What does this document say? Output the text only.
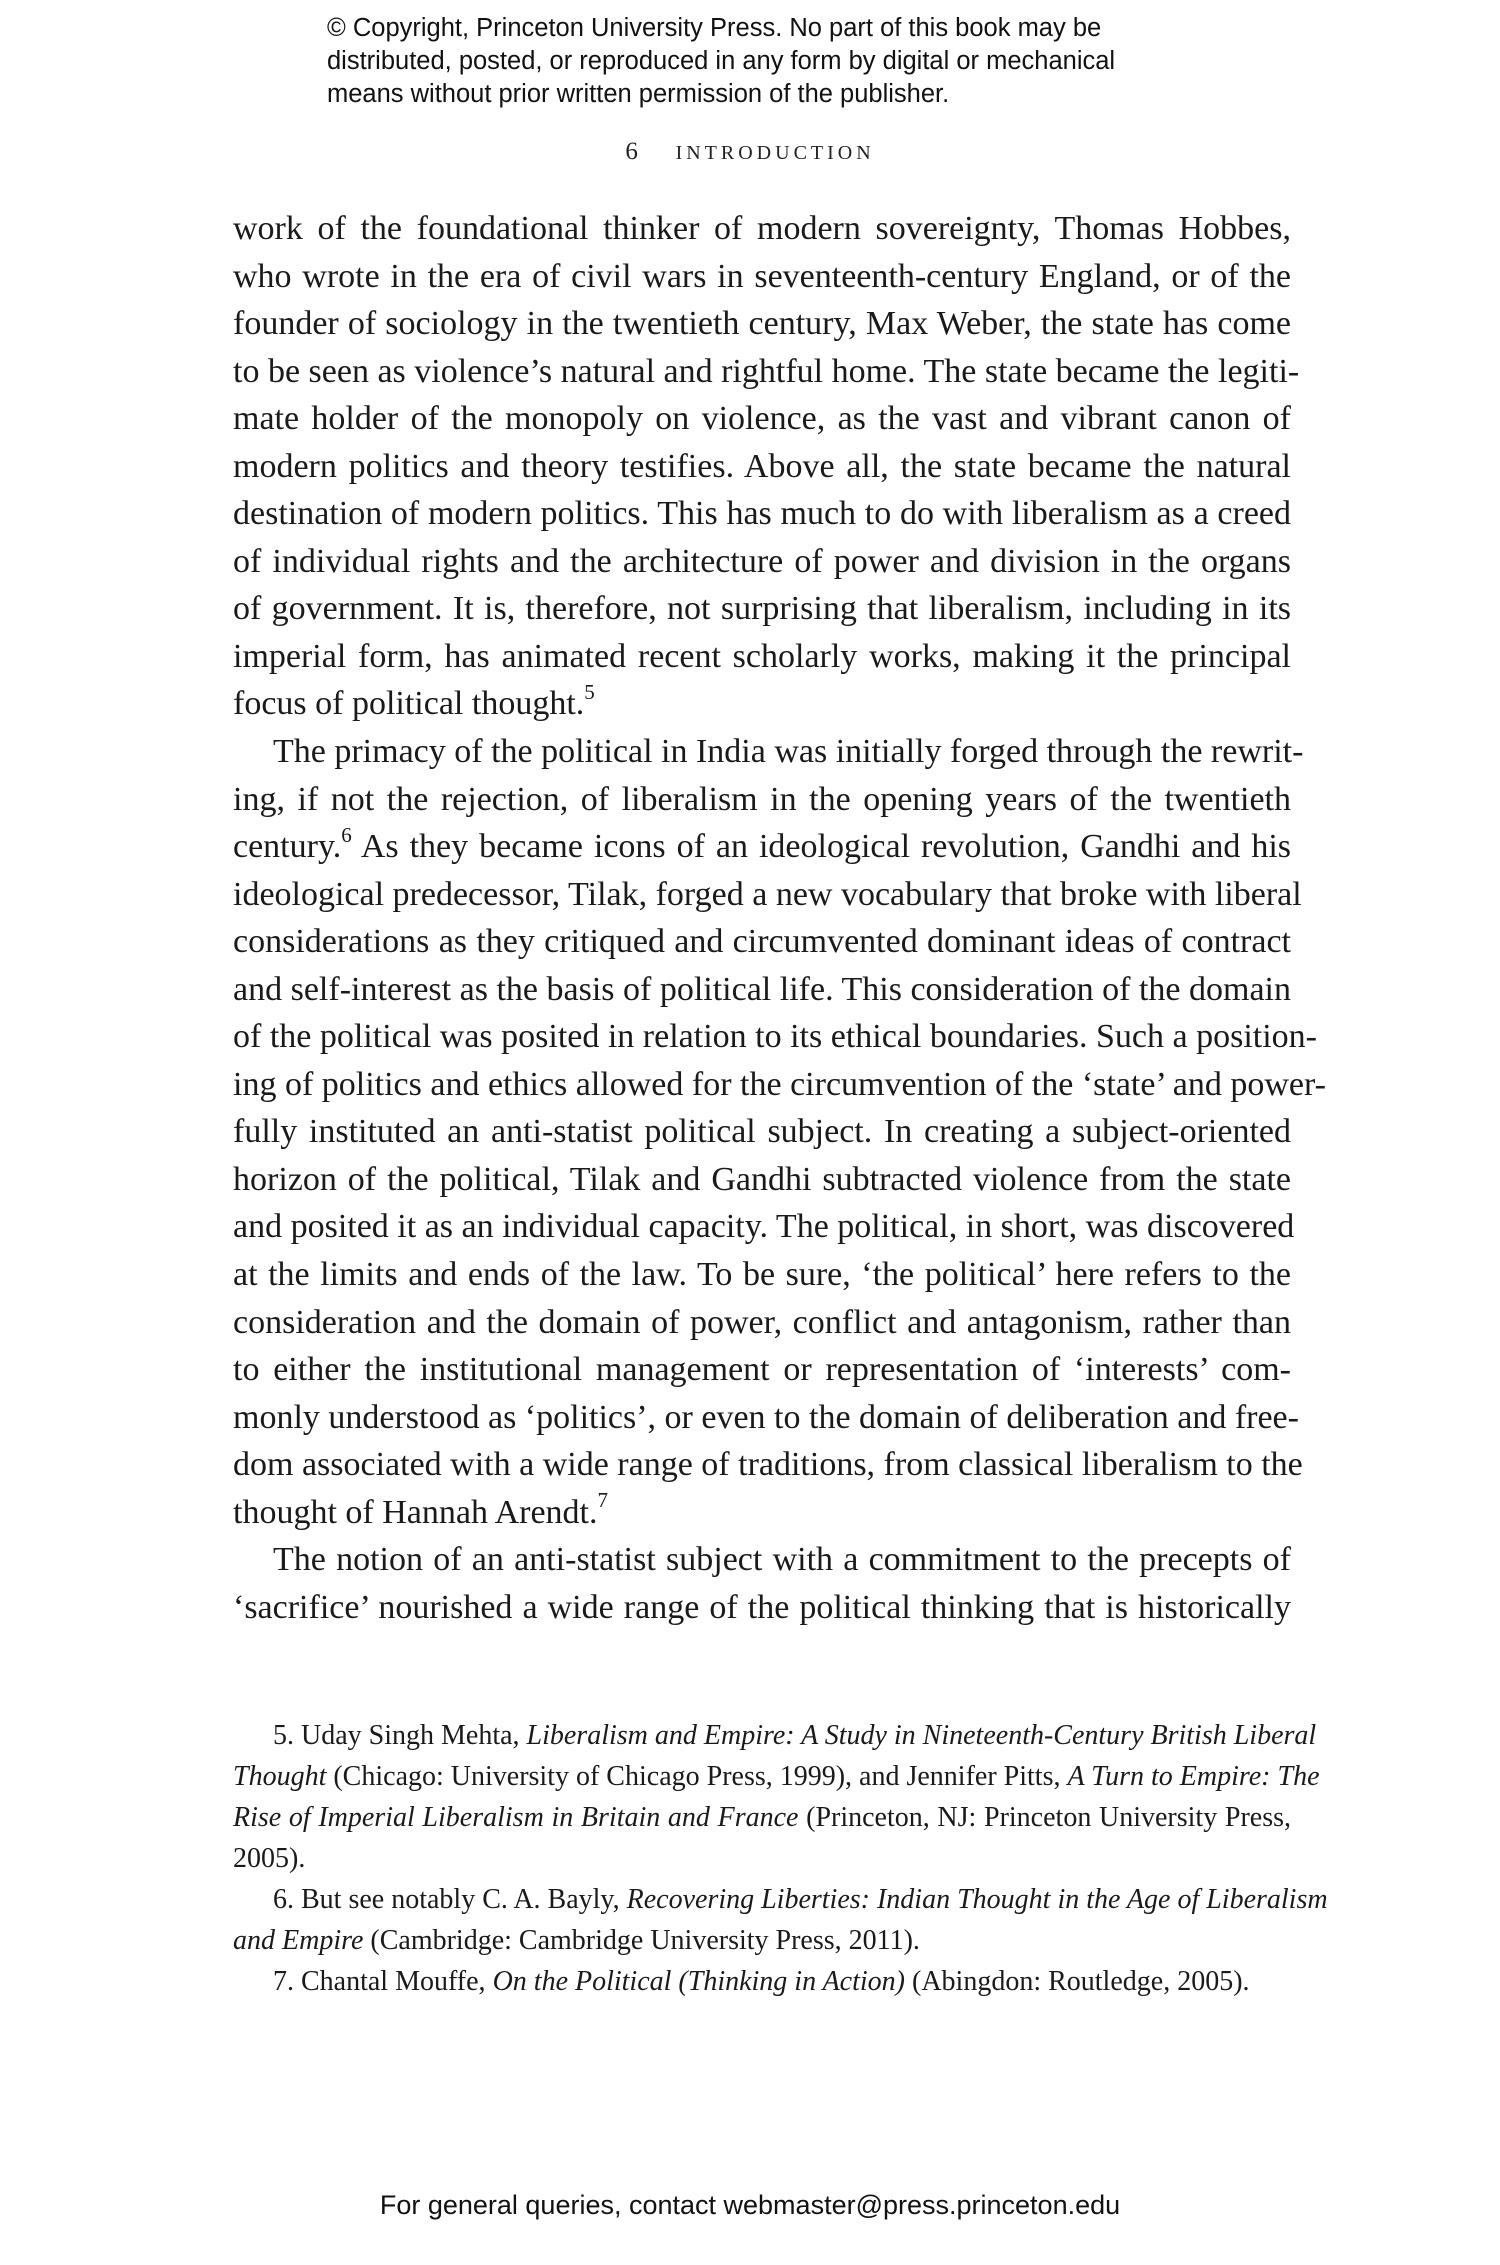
© Copyright, Princeton University Press. No part of this book may be
distributed, posted, or reproduced in any form by digital or mechanical
means without prior written permission of the publisher.
6 INTRODUCTION
work of the foundational thinker of modern sovereignty, Thomas Hobbes,
who wrote in the era of civil wars in seventeenth-century England, or of the
founder of sociology in the twentieth century, Max Weber, the state has come
to be seen as violence’s natural and rightful home. The state became the legiti-
mate holder of the monopoly on violence, as the vast and vibrant canon of
modern politics and theory testifies. Above all, the state became the natural
destination of modern politics. This has much to do with liberalism as a creed
of individual rights and the architecture of power and division in the organs
of government. It is, therefore, not surprising that liberalism, including in its
imperial form, has animated recent scholarly works, making it the principal
focus of political thought.$^5$
The primacy of the political in India was initially forged through the rewrit-
ing, if not the rejection, of liberalism in the opening years of the twentieth
century.$^6$ As they became icons of an ideological revolution, Gandhi and his
ideological predecessor, Tilak, forged a new vocabulary that broke with liberal
considerations as they critiqued and circumvented dominant ideas of contract
and self-interest as the basis of political life. This consideration of the domain
of the political was posited in relation to its ethical boundaries. Such a position-
ing of politics and ethics allowed for the circumvention of the ‘state’ and power-
fully instituted an anti-statist political subject. In creating a subject-oriented
horizon of the political, Tilak and Gandhi subtracted violence from the state
and posited it as an individual capacity. The political, in short, was discovered
at the limits and ends of the law. To be sure, ‘the political’ here refers to the
consideration and the domain of power, conflict and antagonism, rather than
to either the institutional management or representation of ‘interests’ com-
monly understood as ‘politics’, or even to the domain of deliberation and free-
dom associated with a wide range of traditions, from classical liberalism to the
thought of Hannah Arendt.$^7$
The notion of an anti-statist subject with a commitment to the precepts of
‘sacrifice’ nourished a wide range of the political thinking that is historically
5. Uday Singh Mehta, Liberalism and Empire: A Study in Nineteenth-Century British Liberal
Thought (Chicago: University of Chicago Press, 1999), and Jennifer Pitts, A Turn to Empire: The
Rise of Imperial Liberalism in Britain and France (Princeton, NJ: Princeton University Press,
2005).
6. But see notably C. A. Bayly, Recovering Liberties: Indian Thought in the Age of Liberalism
and Empire (Cambridge: Cambridge University Press, 2011).
7. Chantal Mouffe, On the Political (Thinking in Action) (Abingdon: Routledge, 2005).
For general queries, contact webmaster@press.princeton.edu
